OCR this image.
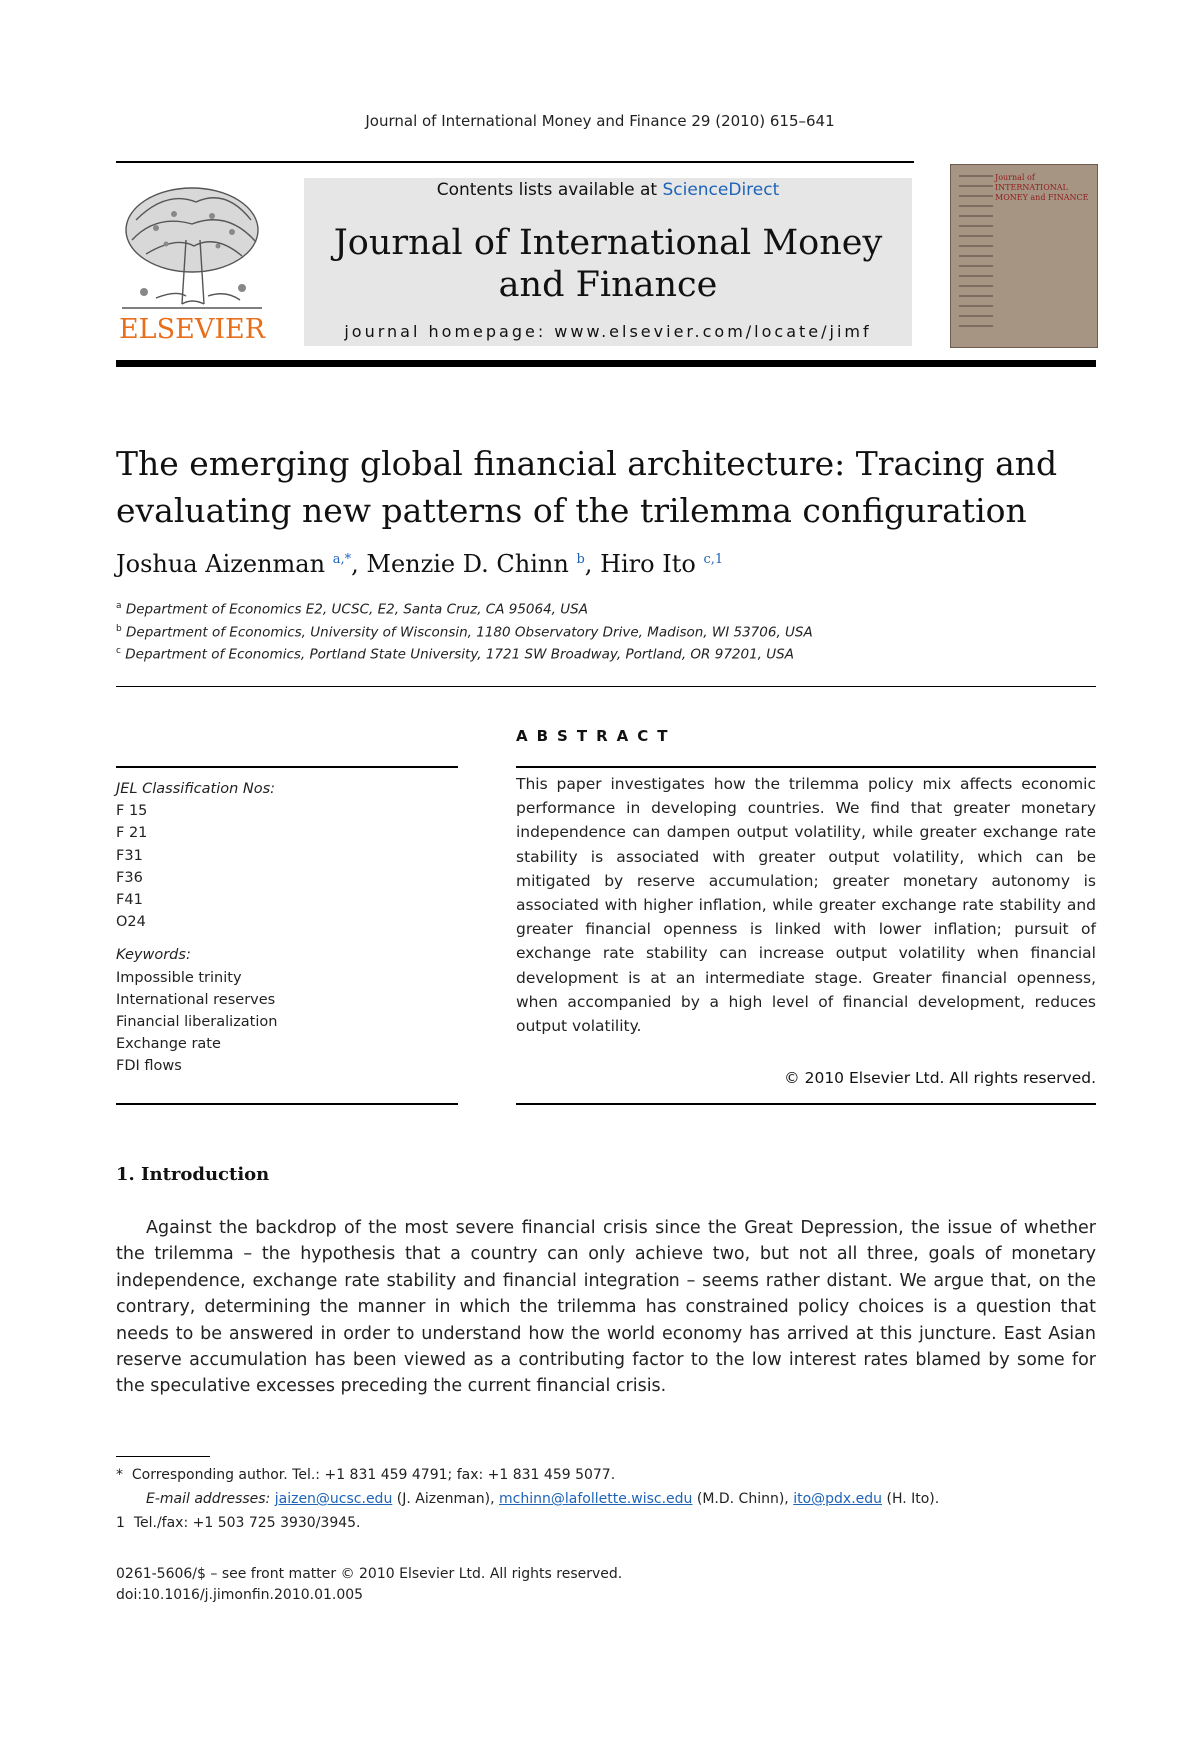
Journal of International Money and Finance 29 (2010) 615–641
ELSEVIER
Contents lists available at ScienceDirect
Journal of International Money
and Finance
journal homepage: www.elsevier.com/locate/jimf
Journal of INTERNATIONAL MONEY and FINANCE
The emerging global financial architecture: Tracing and
evaluating new patterns of the trilemma configuration
Joshua Aizenman $^{a,*}$, Menzie D. Chinn $^b$, Hiro Ito $^{c,1}$
$^a$ Department of Economics E2, UCSC, E2, Santa Cruz, CA 95064, USA
$^b$ Department of Economics, University of Wisconsin, 1180 Observatory Drive, Madison, WI 53706, USA
$^c$ Department of Economics, Portland State University, 1721 SW Broadway, Portland, OR 97201, USA
ABSTRACT
JEL Classification Nos:
F 15
F 21
F31
F36
F41
O24
Keywords:
Impossible trinity
International reserves
Financial liberalization
Exchange rate
FDI flows
This paper investigates how the trilemma policy mix affects economic performance in developing countries. We find that greater monetary independence can dampen output volatility, while greater exchange rate stability is associated with greater output volatility, which can be mitigated by reserve accumulation; greater monetary autonomy is associated with higher inflation, while greater exchange rate stability and greater financial openness is linked with lower inflation; pursuit of exchange rate stability can increase output volatility when financial development is at an intermediate stage. Greater financial openness, when accompanied by a high level of financial development, reduces output volatility.
© 2010 Elsevier Ltd. All rights reserved.
1. Introduction
Against the backdrop of the most severe financial crisis since the Great Depression, the issue of whether the trilemma – the hypothesis that a country can only achieve two, but not all three, goals of monetary independence, exchange rate stability and financial integration – seems rather distant. We argue that, on the contrary, determining the manner in which the trilemma has constrained policy choices is a question that needs to be answered in order to understand how the world economy has arrived at this juncture. East Asian reserve accumulation has been viewed as a contributing factor to the low interest rates blamed by some for the speculative excesses preceding the current financial crisis.
* Corresponding author. Tel.: +1 831 459 4791; fax: +1 831 459 5077.
E-mail addresses: jaizen@ucsc.edu (J. Aizenman), mchinn@lafollette.wisc.edu (M.D. Chinn), ito@pdx.edu (H. Ito).
1 Tel./fax: +1 503 725 3930/3945.
0261-5606/$ – see front matter © 2010 Elsevier Ltd. All rights reserved.
doi:10.1016/j.jimonfin.2010.01.005
